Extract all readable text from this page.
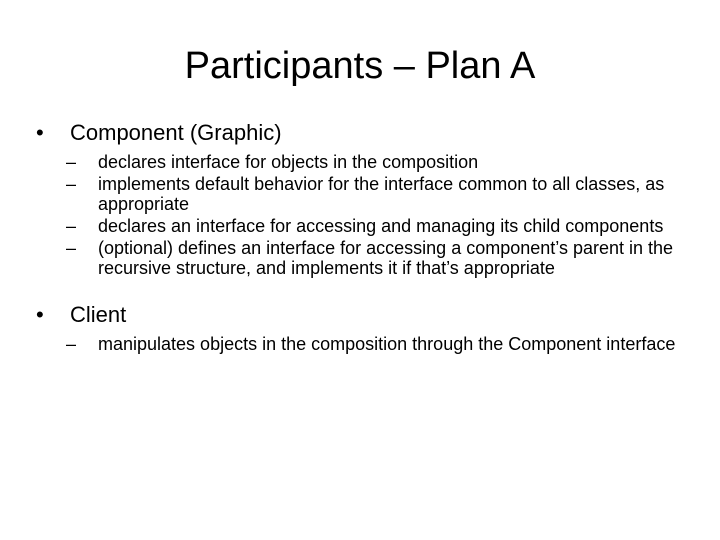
Participants – Plan A
•	Component (Graphic)
–	declares interface for objects in the composition
–	implements default behavior for the interface common to all classes, as appropriate
–	declares an interface for accessing and managing its child components
–	(optional) defines an interface for accessing a component’s parent in the recursive structure, and implements it if that’s appropriate
•	Client
–	manipulates objects in the composition through the Component interface
